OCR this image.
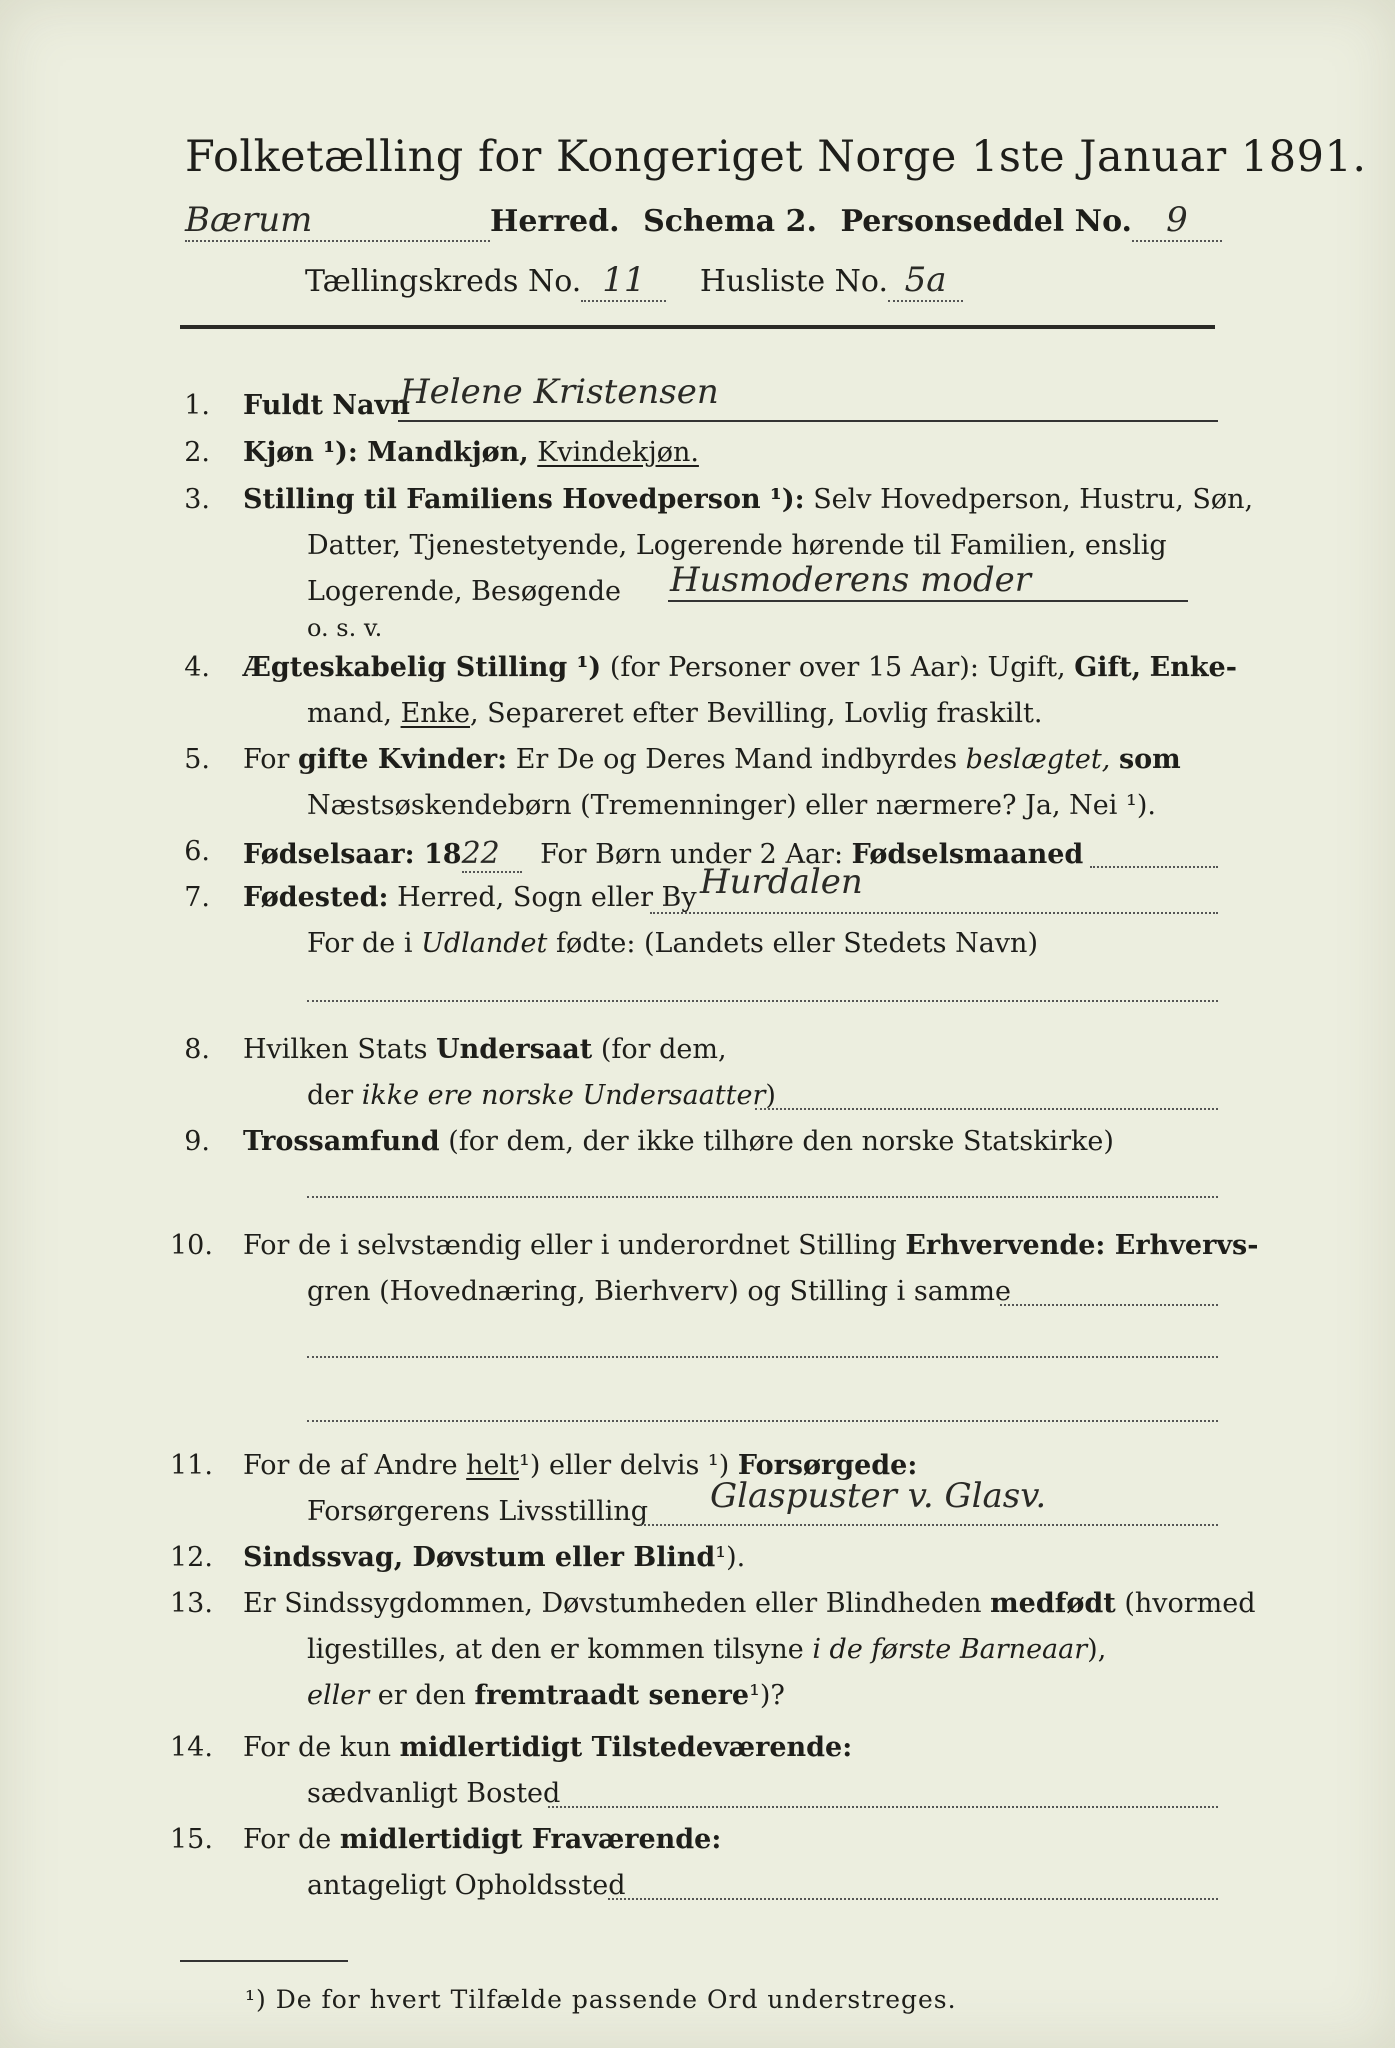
Folketælling for Kongeriget Norge 1ste Januar 1891.
Bærum	Herred. Schema 2. Personseddel No. 9
Tællingskreds No. 11 Husliste No. 5a
1. Fuldt Navn
Helene Kristensen
2. Kjøn ¹): Mandkjøn, Kvindekjøn.
3. Stilling til Familiens Hovedperson ¹): Selv Hovedperson, Hustru, Søn,
Datter, Tjenestetyende, Logerende hørende til Familien, enslig
Logerende, Besøgende Husmoderens moder
o. s. v.
4. Ægteskabelig Stilling ¹) (for Personer over 15 Aar): Ugift, Gift, Enke-
mand, Enke, Separeret efter Bevilling, Lovlig fraskilt.
5. For gifte Kvinder: Er De og Deres Mand indbyrdes beslægtet, som
Næstsøskendebørn (Tremenninger) eller nærmere? Ja, Nei ¹).
6. Fødselsaar: 1822 For Børn under 2 Aar: Fødselsmaaned
7. Fødested: Herred, Sogn eller By Hurdalen
For de i Udlandet fødte: (Landets eller Stedets Navn)
8. Hvilken Stats Undersaat (for dem,
der ikke ere norske Undersaatter)
9. Trossamfund (for dem, der ikke tilhøre den norske Statskirke)
10. For de i selvstændig eller i underordnet Stilling Erhvervende: Erhvervs-
gren (Hovednæring, Bierhverv) og Stilling i samme
11. For de af Andre helt¹) eller delvis ¹) Forsørgede:
Forsørgerens Livsstilling Glaspuster v. Glasv.
12. Sindssvag, Døvstum eller Blind¹).
13. Er Sindssygdommen, Døvstumheden eller Blindheden medfødt (hvormed
ligestilles, at den er kommen tilsyne i de første Barneaar),
eller er den fremtraadt senere¹)?
14. For de kun midlertidigt Tilstedeværende:
sædvanligt Bosted
15. For de midlertidigt Fraværende:
antageligt Opholdssted
¹) De for hvert Tilfælde passende Ord understreges.
